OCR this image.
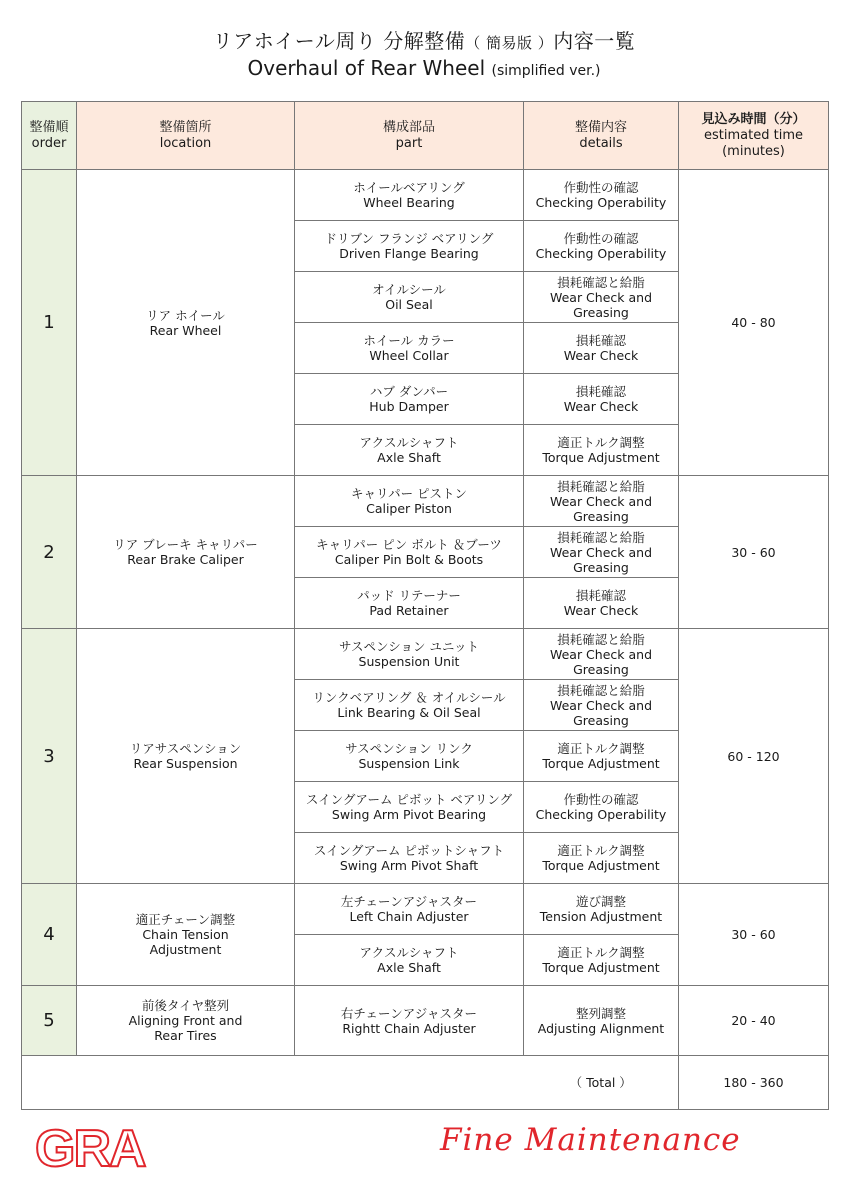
リアホイール周り 分解整備（ 簡易版 ）内容一覧
Overhaul of Rear Wheel (simplified ver.)
整備順
order	整備箇所
location	構成部品
part	整備内容
details	見込み時間（分）
estimated time
(minutes)

1	リア ホイール
Rear Wheel	ホイールベアリング
Wheel Bearing	作動性の確認
Checking Operability	40 - 80

		ドリブン フランジ ベアリング
Driven Flange Bearing	作動性の確認
Checking Operability	

		オイルシール
Oil Seal	損耗確認と給脂
Wear Check and Greasing	

		ホイール カラー
Wheel Collar	損耗確認
Wear Check	

		ハブ ダンパー
Hub Damper	損耗確認
Wear Check	

		アクスルシャフト
Axle Shaft	適正トルク調整
Torque Adjustment	

2	リア ブレーキ キャリパー
Rear Brake Caliper	キャリパー ピストン
Caliper Piston	損耗確認と給脂
Wear Check and Greasing	30 - 60

		キャリパー ピン ボルト ＆ブーツ
Caliper Pin Bolt & Boots	損耗確認と給脂
Wear Check and Greasing	

		パッド リテーナー
Pad Retainer	損耗確認
Wear Check	

3	リアサスペンション
Rear Suspension	サスペンション ユニット
Suspension Unit	損耗確認と給脂
Wear Check and Greasing	60 - 120

		リンクベアリング ＆ オイルシール
Link Bearing & Oil Seal	損耗確認と給脂
Wear Check and Greasing	

		サスペンション リンク
Suspension Link	適正トルク調整
Torque Adjustment	

		スイングアーム ピボット ベアリング
Swing Arm Pivot Bearing	作動性の確認
Checking Operability	

		スイングアーム ピボットシャフト
Swing Arm Pivot Shaft	適正トルク調整
Torque Adjustment	

4	適正チェーン調整
Chain Tension Adjustment	左チェーンアジャスター
Left Chain Adjuster	遊び調整
Tension Adjustment	30 - 60

		アクスルシャフト
Axle Shaft	適正トルク調整
Torque Adjustment	

5	前後タイヤ整列
Aligning Front and Rear Tires	右チェーンアジャスター
Rightt Chain Adjuster	整列調整
Adjusting Alignment	20 - 40
			（ Total ）	180 - 360
GRA	Fine Maintenance
